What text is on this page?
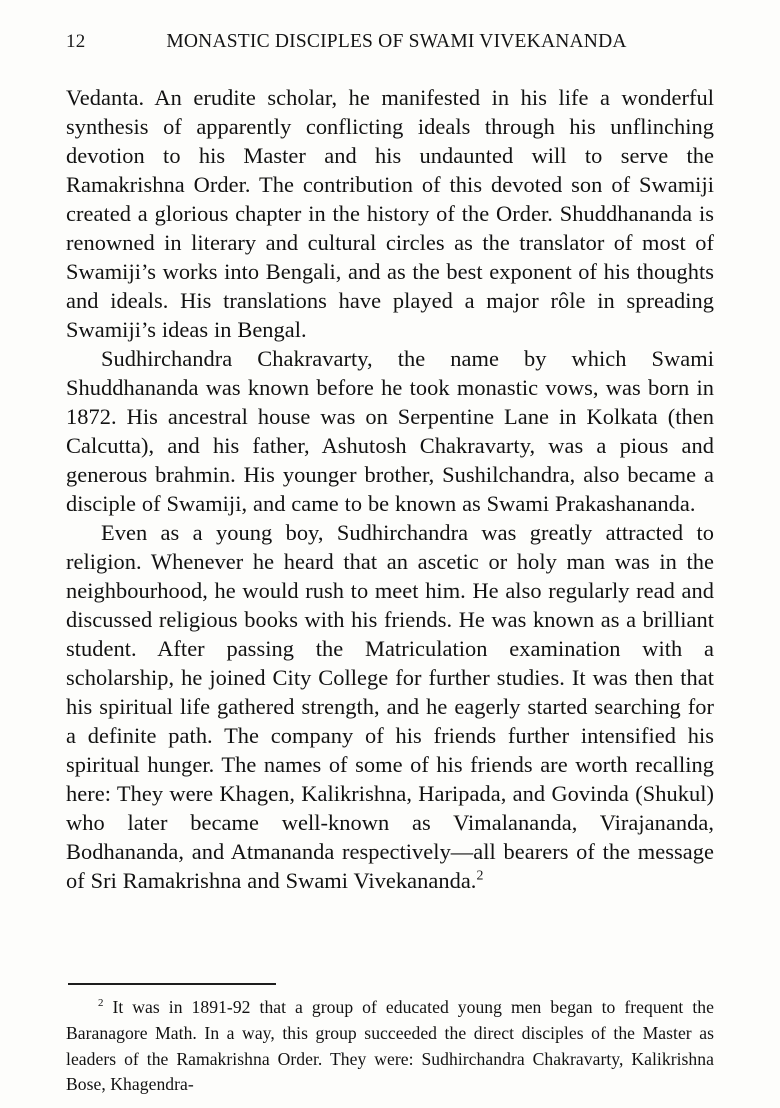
12	MONASTIC DISCIPLES OF SWAMI VIVEKANANDA

Vedanta. An erudite scholar, he manifested in his life a wonderful synthesis of apparently conflicting ideals through his unflinching devotion to his Master and his undaunted will to serve the Ramakrishna Order. The contribution of this devoted son of Swamiji created a glorious chapter in the history of the Order. Shuddhananda is renowned in literary and cultural circles as the translator of most of Swamiji’s works into Bengali, and as the best exponent of his thoughts and ideals. His translations have played a major rôle in spreading Swamiji’s ideas in Bengal.

Sudhirchandra Chakravarty, the name by which Swami Shuddhananda was known before he took monastic vows, was born in 1872. His ancestral house was on Serpentine Lane in Kolkata (then Calcutta), and his father, Ashutosh Chakravarty, was a pious and generous brahmin. His younger brother, Sushilchandra, also became a disciple of Swamiji, and came to be known as Swami Prakashananda.

Even as a young boy, Sudhirchandra was greatly attracted to religion. Whenever he heard that an ascetic or holy man was in the neighbourhood, he would rush to meet him. He also regularly read and discussed religious books with his friends. He was known as a brilliant student. After passing the Matriculation examination with a scholarship, he joined City College for further studies. It was then that his spiritual life gathered strength, and he eagerly started searching for a definite path. The company of his friends further intensified his spiritual hunger. The names of some of his friends are worth recalling here: They were Khagen, Kalikrishna, Haripada, and Govinda (Shukul) who later became well-known as Vimalananda, Virajananda, Bodhananda, and Atmananda respectively—all bearers of the message of Sri Ramakrishna and Swami Vivekananda.$^2$

$^2$ It was in 1891-92 that a group of educated young men began to frequent the Baranagore Math. In a way, this group succeeded the direct disciples of the Master as leaders of the Ramakrishna Order. They were: Sudhirchandra Chakravarty, Kalikrishna Bose, Khagendra-
